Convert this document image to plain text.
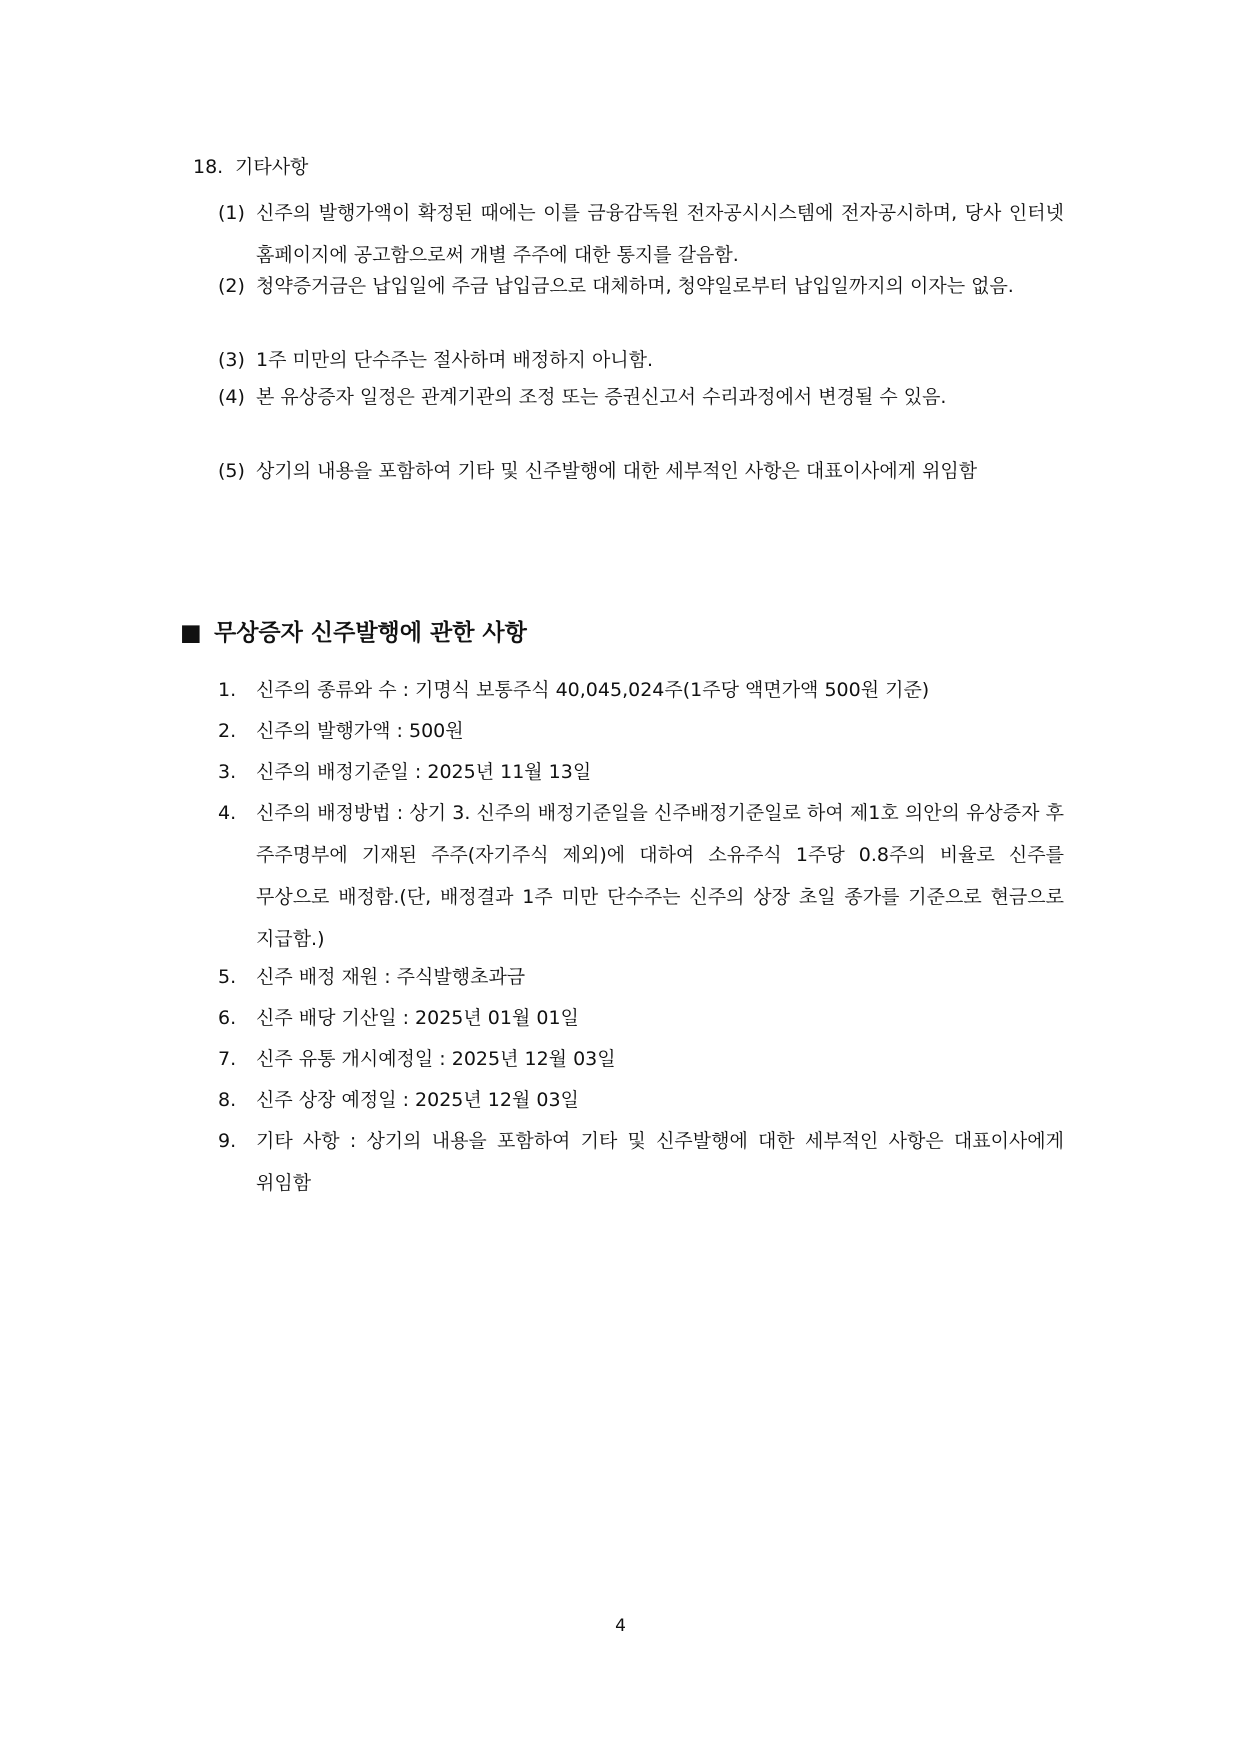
18. 기타사항
(1) 신주의 발행가액이 확정된 때에는 이를 금융감독원 전자공시시스템에 전자공시하며, 당사 인터넷 홈페이지에 공고함으로써 개별 주주에 대한 통지를 갈음함.
(2) 청약증거금은 납입일에 주금 납입금으로 대체하며, 청약일로부터 납입일까지의 이자는 없음.
(3) 1주 미만의 단수주는 절사하며 배정하지 아니함.
(4) 본 유상증자 일정은 관계기관의 조정 또는 증권신고서 수리과정에서 변경될 수 있음.
(5) 상기의 내용을 포함하여 기타 및 신주발행에 대한 세부적인 사항은 대표이사에게 위임함
■ 무상증자 신주발행에 관한 사항
1. 신주의 종류와 수 : 기명식 보통주식 40,045,024주(1주당 액면가액 500원 기준)
2. 신주의 발행가액 : 500원
3. 신주의 배정기준일 : 2025년 11월 13일
4. 신주의 배정방법 : 상기 3. 신주의 배정기준일을 신주배정기준일로 하여 제1호 의안의 유상증자 후 주주명부에 기재된 주주(자기주식 제외)에 대하여 소유주식 1주당 0.8주의 비율로 신주를 무상으로 배정함.(단, 배정결과 1주 미만 단수주는 신주의 상장 초일 종가를 기준으로 현금으로 지급함.)
5. 신주 배정 재원 : 주식발행초과금
6. 신주 배당 기산일 : 2025년 01월 01일
7. 신주 유통 개시예정일 : 2025년 12월 03일
8. 신주 상장 예정일 : 2025년 12월 03일
9. 기타 사항 : 상기의 내용을 포함하여 기타 및 신주발행에 대한 세부적인 사항은 대표이사에게 위임함
4
